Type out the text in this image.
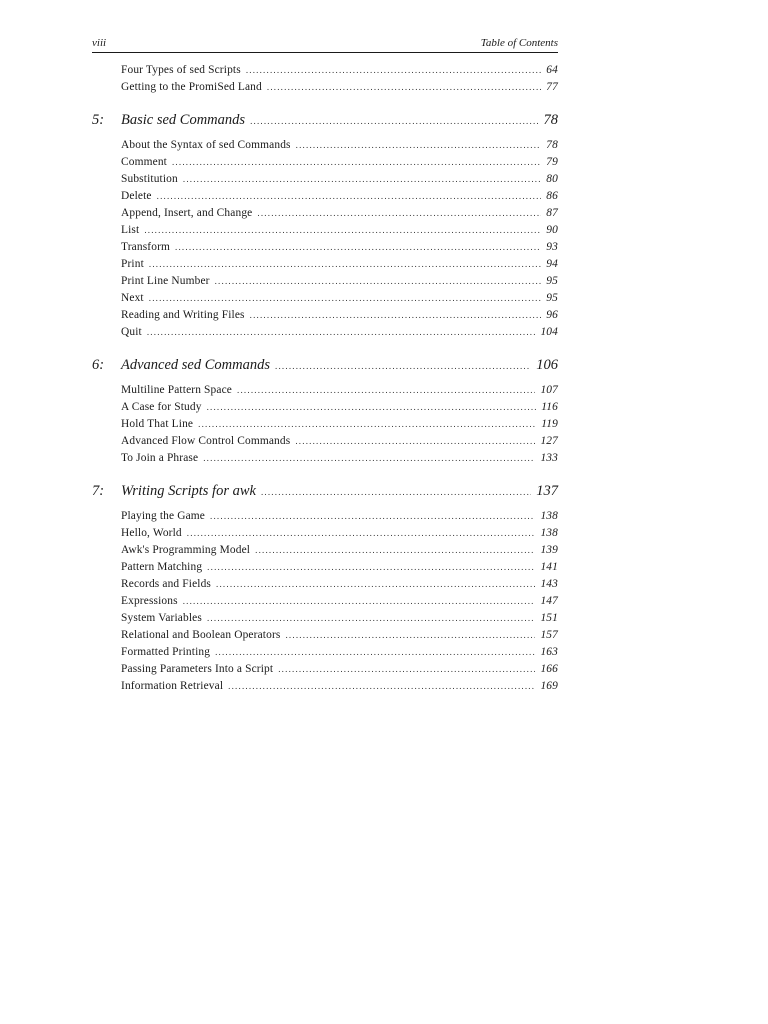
viii	Table of Contents
Four Types of sed Scripts .....	64
Getting to the PromiSed Land .....	77
5:	Basic sed Commands .....	78
About the Syntax of sed Commands .....	78
Comment .....	79
Substitution .....	80
Delete .....	86
Append, Insert, and Change .....	87
List .....	90
Transform .....	93
Print .....	94
Print Line Number .....	95
Next .....	95
Reading and Writing Files .....	96
Quit .....	104
6:	Advanced sed Commands .....	106
Multiline Pattern Space .....	107
A Case for Study .....	116
Hold That Line .....	119
Advanced Flow Control Commands .....	127
To Join a Phrase .....	133
7:	Writing Scripts for awk .....	137
Playing the Game .....	138
Hello, World .....	138
Awk's Programming Model .....	139
Pattern Matching .....	141
Records and Fields .....	143
Expressions .....	147
System Variables .....	151
Relational and Boolean Operators .....	157
Formatted Printing .....	163
Passing Parameters Into a Script .....	166
Information Retrieval .....	169
